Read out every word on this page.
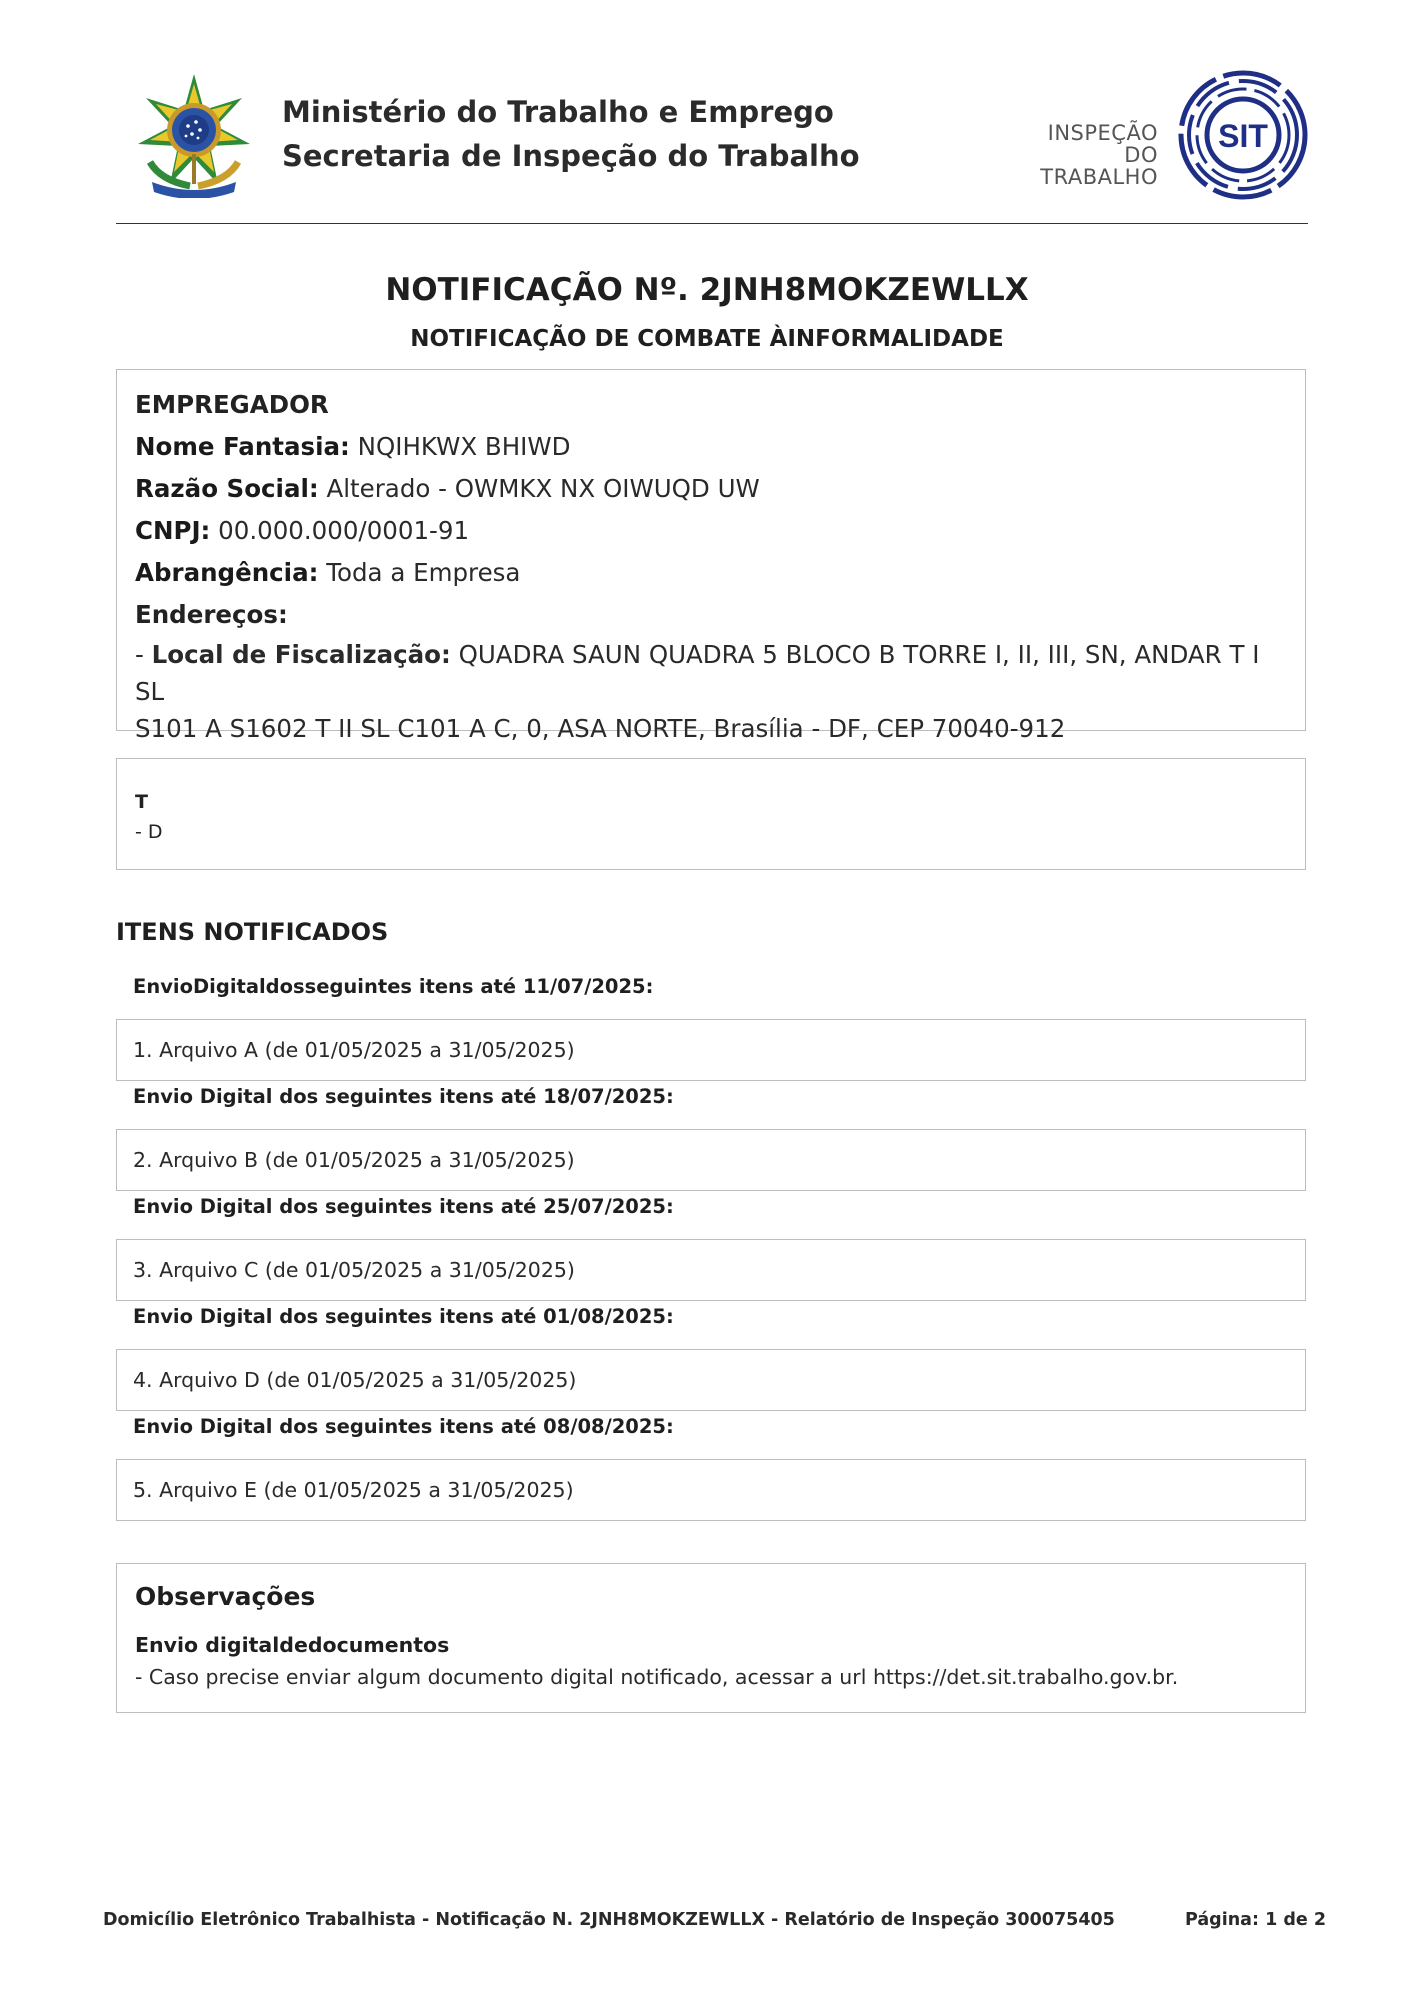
Ministério do Trabalho e Emprego
Secretaria de Inspeção do Trabalho
INSPEÇÃO
DO TRABALHO
SIT
NOTIFICAÇÃO Nº. 2JNH8MOKZEWLLX
NOTIFICAÇÃO DE COMBATE ÀINFORMALIDADE
EMPREGADOR
Nome Fantasia: NQIHKWX BHIWD
Razão Social: Alterado - OWMKX NX OIWUQD UW
CNPJ: 00.000.000/0001-91
Abrangência: Toda a Empresa
Endereços:
- Local de Fiscalização: QUADRA SAUN QUADRA 5 BLOCO B TORRE I, II, III, SN, ANDAR T I SL
S101 A S1602 T II SL C101 A C, 0, ASA NORTE, Brasília - DF, CEP 70040-912
T
- D
ITENS NOTIFICADOS
EnvioDigitaldosseguintes itens até 11/07/2025:
1. Arquivo A (de 01/05/2025 a 31/05/2025)
Envio Digital dos seguintes itens até 18/07/2025:
2. Arquivo B (de 01/05/2025 a 31/05/2025)
Envio Digital dos seguintes itens até 25/07/2025:
3. Arquivo C (de 01/05/2025 a 31/05/2025)
Envio Digital dos seguintes itens até 01/08/2025:
4. Arquivo D (de 01/05/2025 a 31/05/2025)
Envio Digital dos seguintes itens até 08/08/2025:
5. Arquivo E (de 01/05/2025 a 31/05/2025)
Observações
Envio digitaldedocumentos
- Caso precise enviar algum documento digital notificado, acessar a url https://det.sit.trabalho.gov.br.
Domicílio Eletrônico Trabalhista - Notificação N. 2JNH8MOKZEWLLX - Relatório de Inspeção 300075405	Página: 1 de 2
